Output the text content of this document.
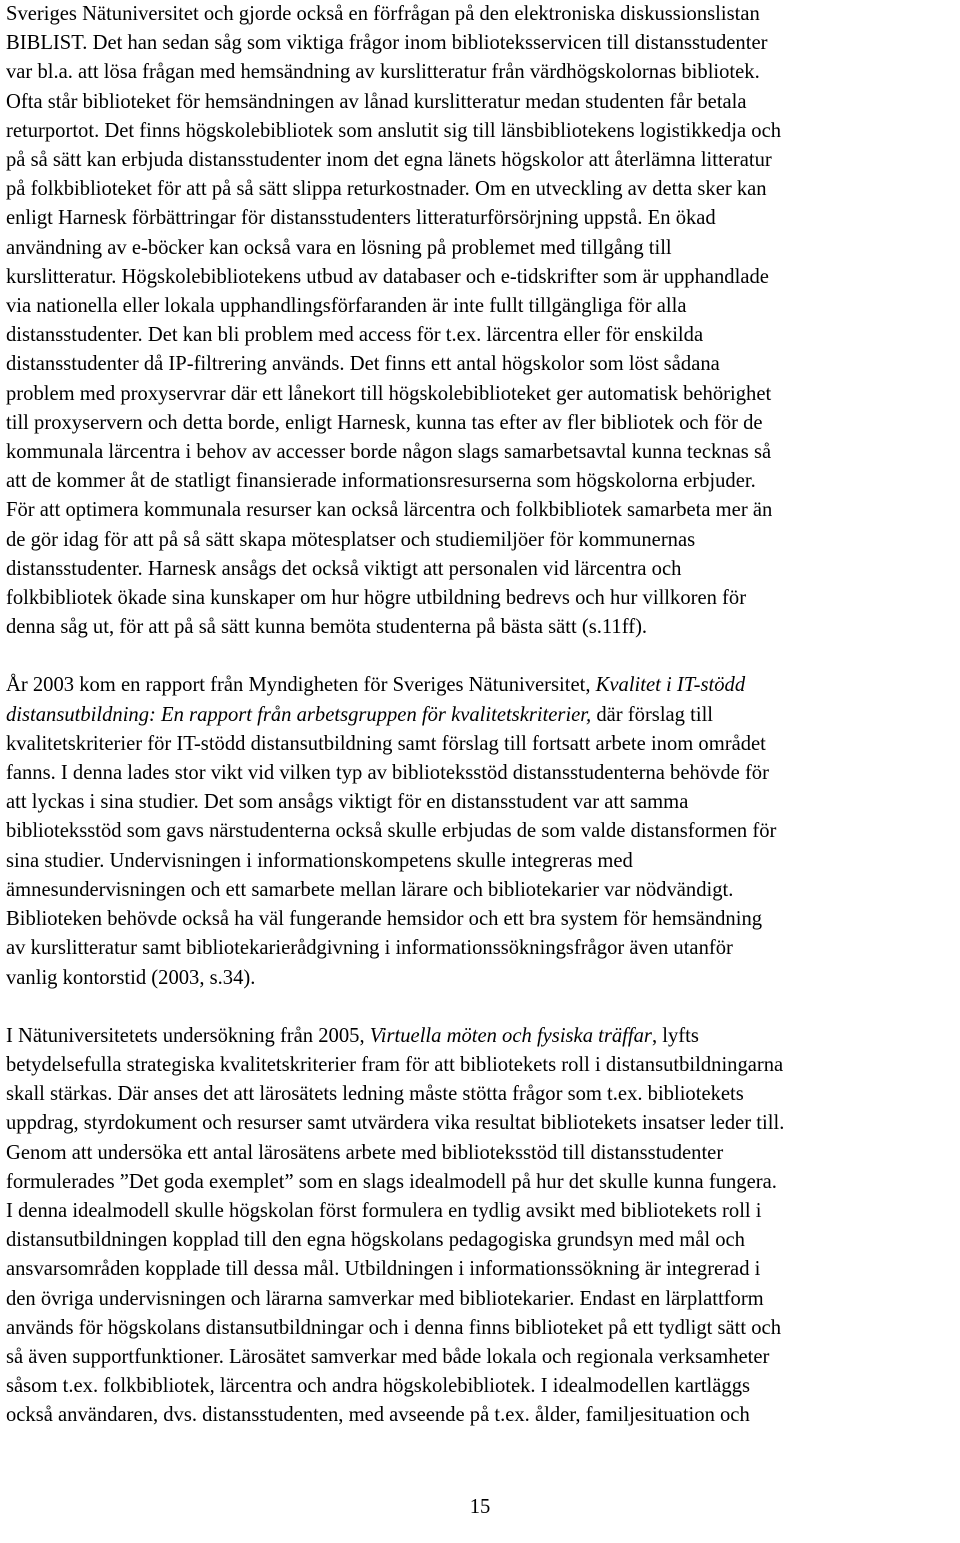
Sveriges Nätuniversitet och gjorde också en förfrågan på den elektroniska diskussionslistan
BIBLIST. Det han sedan såg som viktiga frågor inom biblioteksservicen till distansstudenter
var bl.a. att lösa frågan med hemsändning av kurslitteratur från värdhögskolornas bibliotek.
Ofta står biblioteket för hemsändningen av lånad kurslitteratur medan studenten får betala
returportot. Det finns högskolebibliotek som anslutit sig till länsbibliotekens logistikkedja och
på så sätt kan erbjuda distansstudenter inom det egna länets högskolor att återlämna litteratur
på folkbiblioteket för att på så sätt slippa returkostnader. Om en utveckling av detta sker kan
enligt Harnesk förbättringar för distansstudenters litteraturförsörjning uppstå. En ökad
användning av e-böcker kan också vara en lösning på problemet med tillgång till
kurslitteratur. Högskolebibliotekens utbud av databaser och e-tidskrifter som är upphandlade
via nationella eller lokala upphandlingsförfaranden är inte fullt tillgängliga för alla
distansstudenter. Det kan bli problem med access för t.ex. lärcentra eller för enskilda
distansstudenter då IP-filtrering används. Det finns ett antal högskolor som löst sådana
problem med proxyservrar där ett lånekort till högskolebiblioteket ger automatisk behörighet
till proxyservern och detta borde, enligt Harnesk, kunna tas efter av fler bibliotek och för de
kommunala lärcentra i behov av accesser borde någon slags samarbetsavtal kunna tecknas så
att de kommer åt de statligt finansierade informationsresurserna som högskolorna erbjuder.
För att optimera kommunala resurser kan också lärcentra och folkbibliotek samarbeta mer än
de gör idag för att på så sätt skapa mötesplatser och studiemiljöer för kommunernas
distansstudenter. Harnesk ansågs det också viktigt att personalen vid lärcentra och
folkbibliotek ökade sina kunskaper om hur högre utbildning bedrevs och hur villkoren för
denna såg ut, för att på så sätt kunna bemöta studenterna på bästa sätt (s.11ff).

År 2003 kom en rapport från Myndigheten för Sveriges Nätuniversitet, Kvalitet i IT-stödd
distansutbildning: En rapport från arbetsgruppen för kvalitetskriterier, där förslag till
kvalitetskriterier för IT-stödd distansutbildning samt förslag till fortsatt arbete inom området
fanns. I denna lades stor vikt vid vilken typ av biblioteksstöd distansstudenterna behövde för
att lyckas i sina studier. Det som ansågs viktigt för en distansstudent var att samma
biblioteksstöd som gavs närstudenterna också skulle erbjudas de som valde distansformen för
sina studier. Undervisningen i informationskompetens skulle integreras med
ämnesundervisningen och ett samarbete mellan lärare och bibliotekarier var nödvändigt.
Biblioteken behövde också ha väl fungerande hemsidor och ett bra system för hemsändning
av kurslitteratur samt bibliotekarierådgivning i informationssökningsfrågor även utanför
vanlig kontorstid (2003, s.34).

I Nätuniversitetets undersökning från 2005, Virtuella möten och fysiska träffar, lyfts
betydelsefulla strategiska kvalitetskriterier fram för att bibliotekets roll i distansutbildningarna
skall stärkas. Där anses det att lärosätets ledning måste stötta frågor som t.ex. bibliotekets
uppdrag, styrdokument och resurser samt utvärdera vika resultat bibliotekets insatser leder till.
Genom att undersöka ett antal lärosätens arbete med biblioteksstöd till distansstudenter
formulerades ”Det goda exemplet” som en slags idealmodell på hur det skulle kunna fungera.
I denna idealmodell skulle högskolan först formulera en tydlig avsikt med bibliotekets roll i
distansutbildningen kopplad till den egna högskolans pedagogiska grundsyn med mål och
ansvarsområden kopplade till dessa mål. Utbildningen i informationssökning är integrerad i
den övriga undervisningen och lärarna samverkar med bibliotekarier. Endast en lärplattform
används för högskolans distansutbildningar och i denna finns biblioteket på ett tydligt sätt och
så även supportfunktioner. Lärosätet samverkar med både lokala och regionala verksamheter
såsom t.ex. folkbibliotek, lärcentra och andra högskolebibliotek. I idealmodellen kartläggs
också användaren, dvs. distansstudenten, med avseende på t.ex. ålder, familjesituation och

15
